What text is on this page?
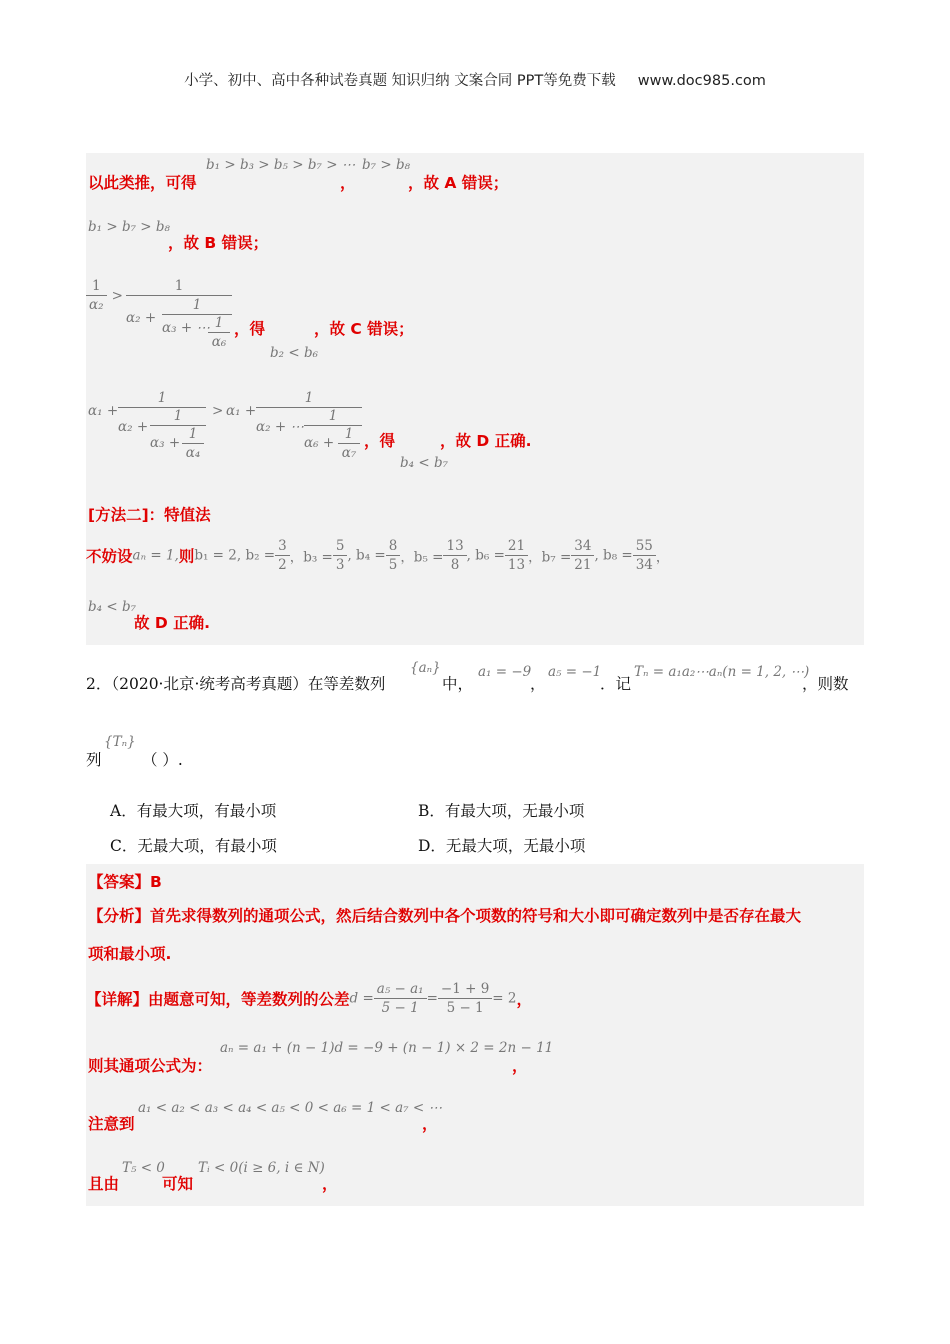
小学、初中、高中各种试卷真题 知识归纳 文案合同 PPT等免费下载 www.doc985.com
b₁ > b₃ > b₅ > b₇ > ⋯ b₇ > b₈
以此类推，可得	，	，故 A 错误；
b₁ > b₇ > b₈
，故 B 错误；
$\frac{1}{\text{α₂}}$ >
1
α₂ +
1
α₃ + ⋯ 1
α₆
，得	，故 C 错误；
b₂ < b₆
α₁ +
1
α₂ +
1
α₃ +
1
α₄
> α₁ +
1
α₂ + ⋯
1
α₆ +
1
α₇
，得	，故 D 正确.
b₄ < b₇
[方法二]：特值法
不妨设aₙ = 1,则b₁ = 2, $b_2 = \frac{3}{2}$ ，$b_3 = \frac{5}{3}$ , $b_4 = \frac{8}{5}$ ，$b_5 = \frac{13}{8}$ , $b_6 = \frac{21}{13}$ ，$b_7 = \frac{34}{21}$ , $b_8 = \frac{55}{34}$ ，
b₄ < b₇
故 D 正确.
2．（2020·北京·统考高考真题）在等差数列
{aₙ}
中，
a₁ = −9
，
a₅ = −1
．记
Tₙ = a₁a₂⋯aₙ(n = 1, 2, ⋯)
，则数
列
{Tₙ}
（ ）.
A．有最大项，有最小项	B．有最大项，无最小项
C．无最大项，有最小项	D．无最大项，无最小项
【答案】B
【分析】首先求得数列的通项公式，然后结合数列中各个项数的符号和大小即可确定数列中是否存在最大
项和最小项.
【详解】由题意可知，等差数列的公差$d = \frac{\text{a₅ − a₁}}{5 - 1} = \frac{-1 + 9}{5 - 1} = 2$，
则其通项公式为：
aₙ = a₁ + (n − 1)d = −9 + (n − 1) × 2 = 2n − 11
，
注意到
a₁ < a₂ < a₃ < a₄ < a₅ < 0 < a₆ = 1 < a₇ < ⋯
，
且由
T₅ < 0
可知
Tᵢ < 0(i ≥ 6, i ∈ N)
，
